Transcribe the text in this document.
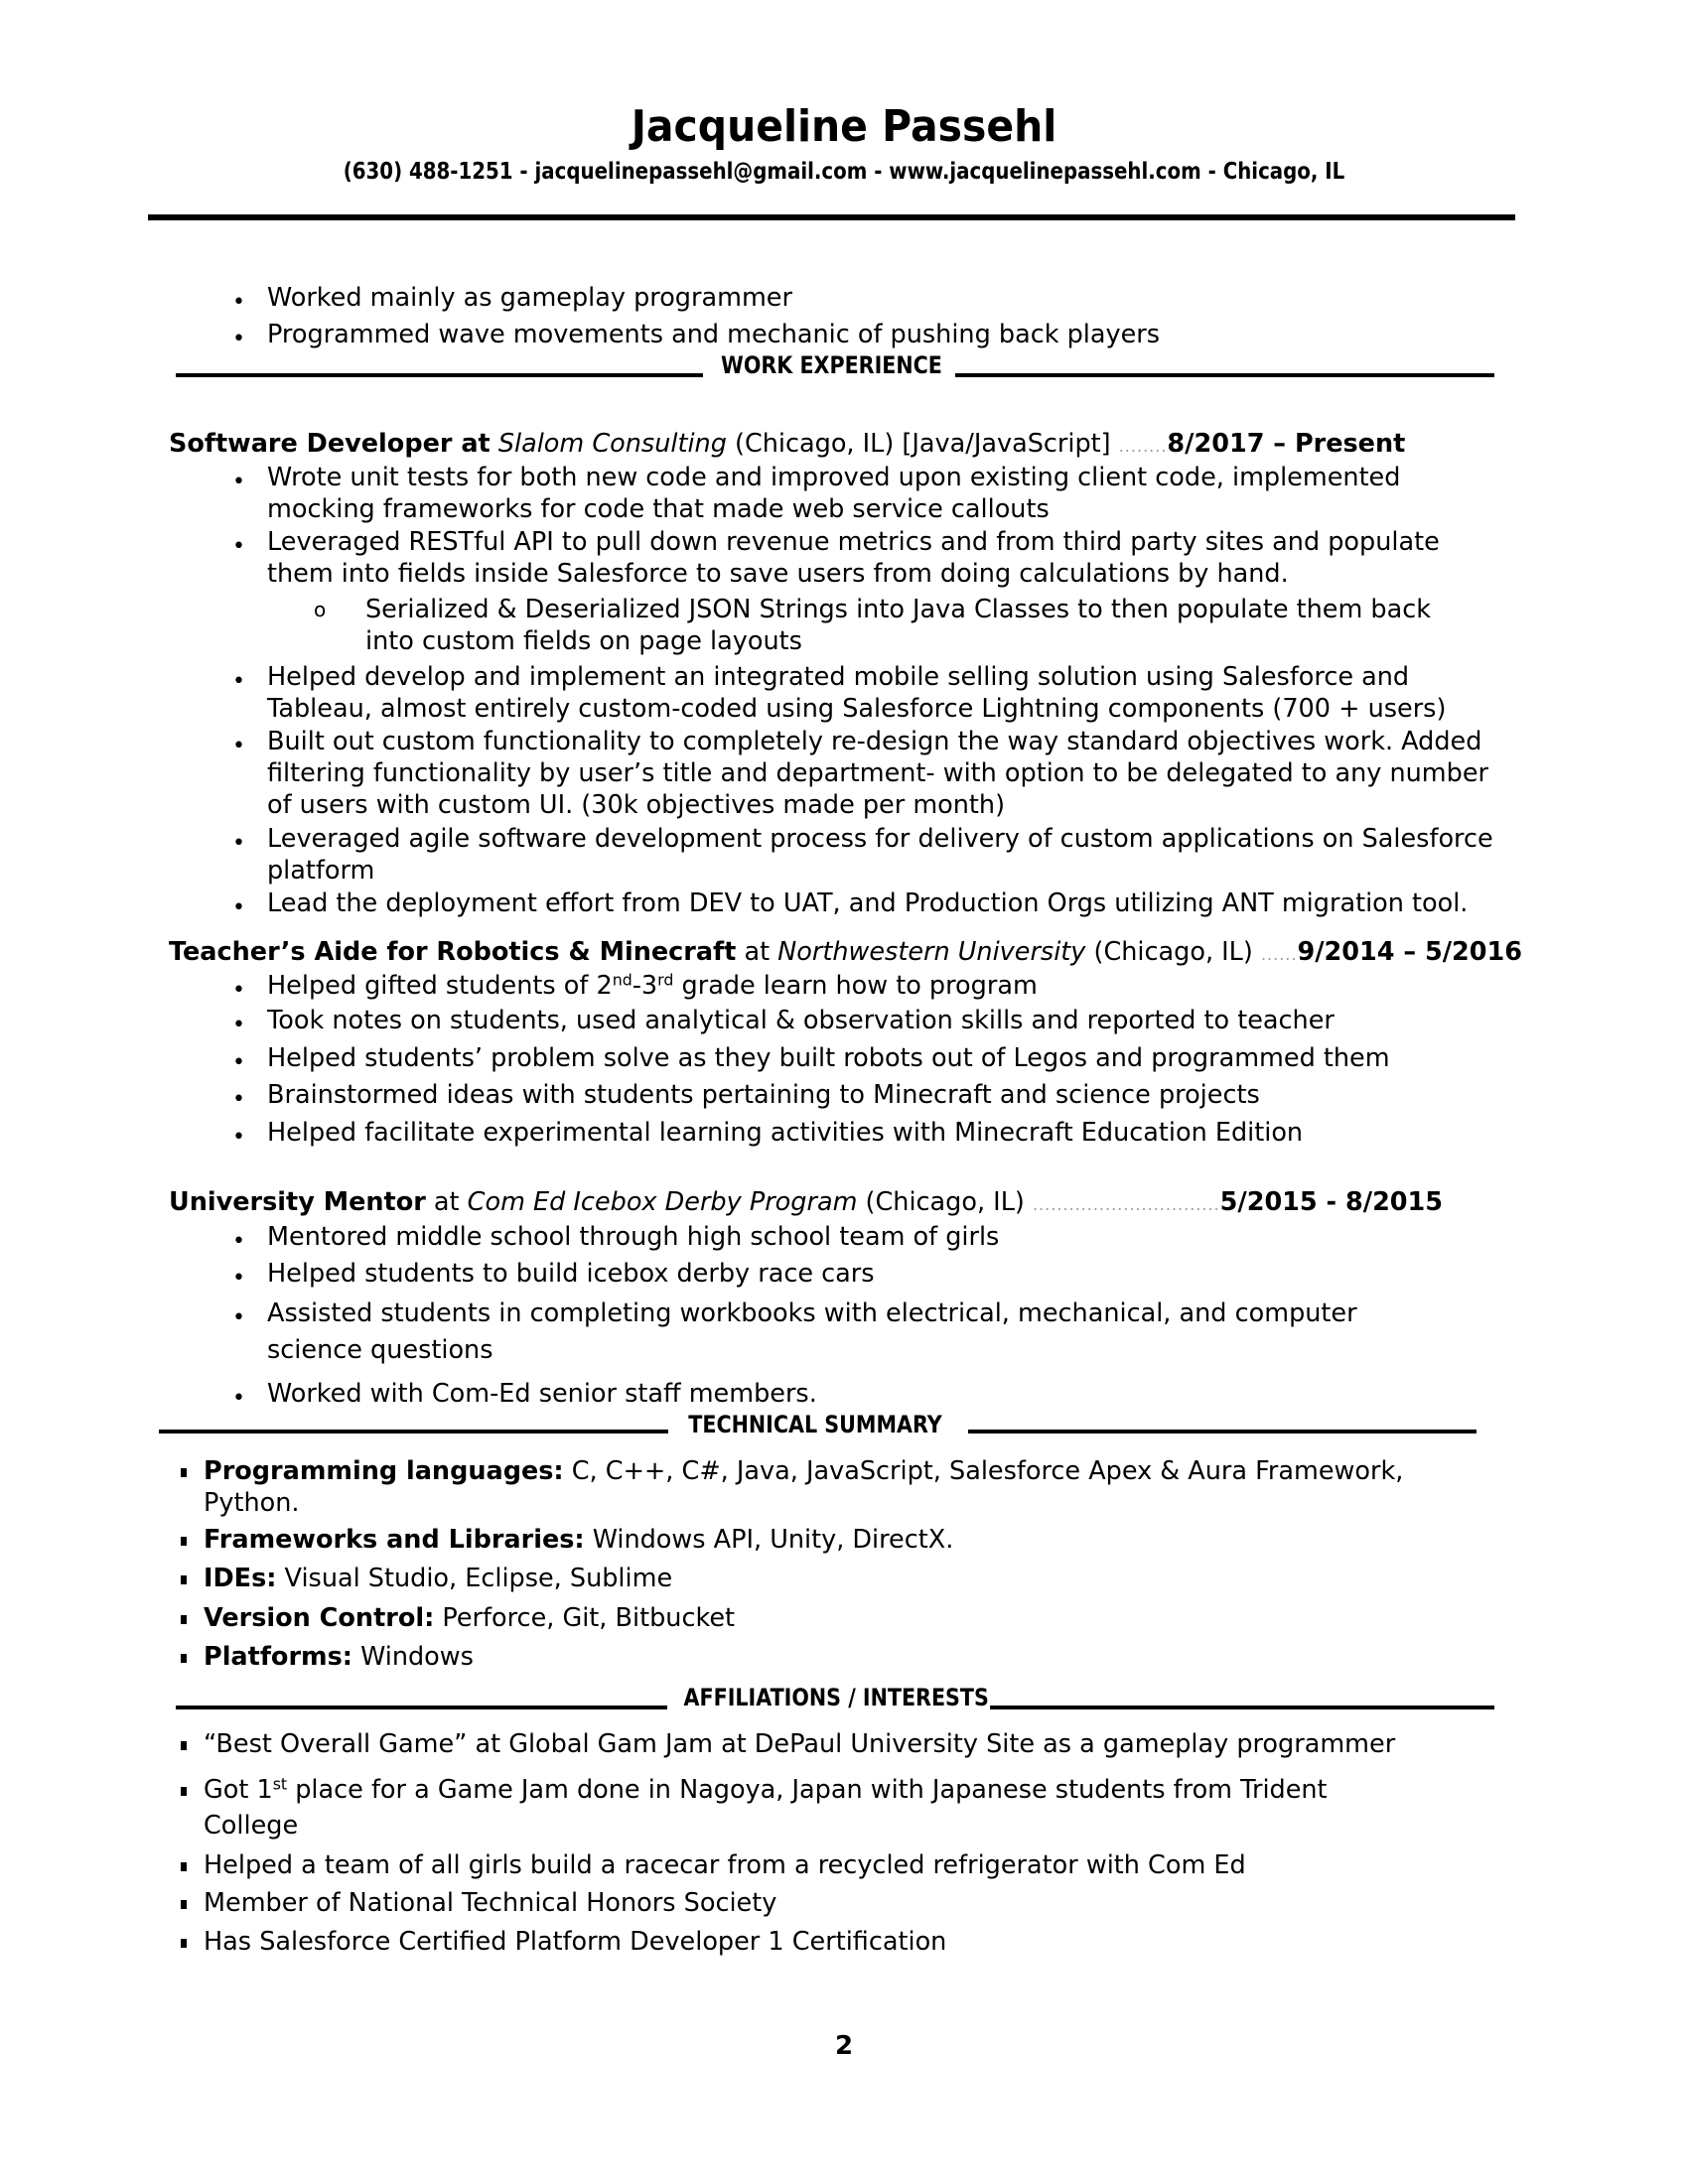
Jacqueline Passehl
(630) 488-1251 - jacquelinepassehl@gmail.com - www.jacquelinepassehl.com - Chicago, IL
• Worked mainly as gameplay programmer
• Programmed wave movements and mechanic of pushing back players
WORK EXPERIENCE
Software Developer at Slalom Consulting (Chicago, IL) [Java/JavaScript] ........8/2017 – Present
• Wrote unit tests for both new code and improved upon existing client code, implemented
mocking frameworks for code that made web service callouts
• Leveraged RESTful API to pull down revenue metrics and from third party sites and populate
them into fields inside Salesforce to save users from doing calculations by hand.
o Serialized & Deserialized JSON Strings into Java Classes to then populate them back
into custom fields on page layouts
• Helped develop and implement an integrated mobile selling solution using Salesforce and
Tableau, almost entirely custom-coded using Salesforce Lightning components (700 + users)
• Built out custom functionality to completely re-design the way standard objectives work. Added
filtering functionality by user’s title and department- with option to be delegated to any number
of users with custom UI. (30k objectives made per month)
• Leveraged agile software development process for delivery of custom applications on Salesforce
platform
• Lead the deployment effort from DEV to UAT, and Production Orgs utilizing ANT migration tool.
Teacher’s Aide for Robotics & Minecraft at Northwestern University (Chicago, IL) ......9/2014 – 5/2016
• Helped gifted students of 2nd-3rd grade learn how to program
• Took notes on students, used analytical & observation skills and reported to teacher
• Helped students’ problem solve as they built robots out of Legos and programmed them
• Brainstormed ideas with students pertaining to Minecraft and science projects
• Helped facilitate experimental learning activities with Minecraft Education Edition
University Mentor at Com Ed Icebox Derby Program (Chicago, IL) ...............................5/2015 - 8/2015
• Mentored middle school through high school team of girls
• Helped students to build icebox derby race cars
• Assisted students in completing workbooks with electrical, mechanical, and computer
science questions
• Worked with Com-Ed senior staff members.
TECHNICAL SUMMARY
Programming languages: C, C++, C#, Java, JavaScript, Salesforce Apex & Aura Framework,
Python.
Frameworks and Libraries: Windows API, Unity, DirectX.
IDEs: Visual Studio, Eclipse, Sublime
Version Control: Perforce, Git, Bitbucket
Platforms: Windows
AFFILIATIONS / INTERESTS
“Best Overall Game” at Global Gam Jam at DePaul University Site as a gameplay programmer
Got 1st place for a Game Jam done in Nagoya, Japan with Japanese students from Trident
College
Helped a team of all girls build a racecar from a recycled refrigerator with Com Ed
Member of National Technical Honors Society
Has Salesforce Certified Platform Developer 1 Certification
2
